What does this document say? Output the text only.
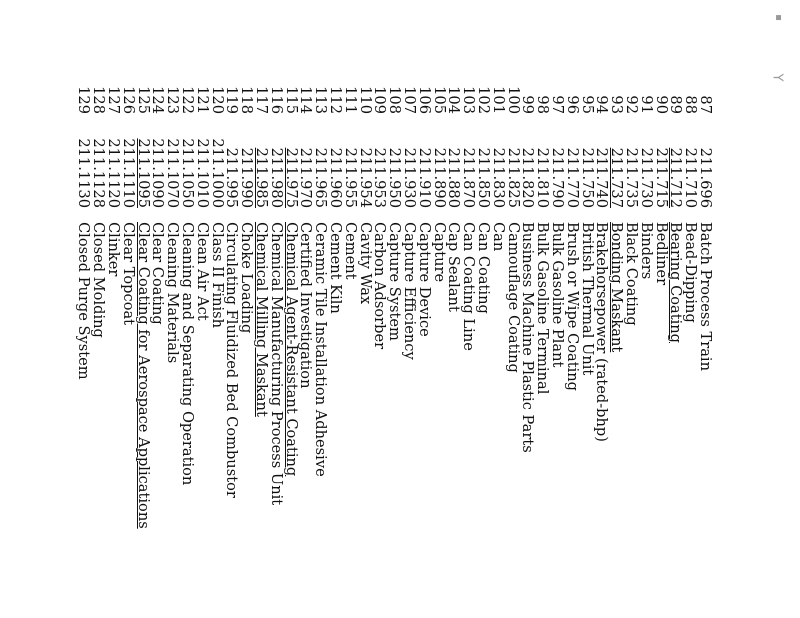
▪
Y
87
211.696
Batch Process Train
88
211.710
Bead-Dipping
89
211.712
Bearing Coating
90
211.715
Bedliner
91
211.730
Binders
92
211.735
Black Coating
93
211.737
Bonding Maskant
94
211.740
Brakehorsepower (rated-bhp)
95
211.750
British Thermal Unit
96
211.770
Brush or Wipe Coating
97
211.790
Bulk Gasoline Plant
98
211.810
Bulk Gasoline Terminal
99
211.820
Business Machine Plastic Parts
100
211.825
Camouflage Coating
101
211.830
Can
102
211.850
Can Coating
103
211.870
Can Coating Line
104
211.880
Cap Sealant
105
211.890
Capture
106
211.910
Capture Device
107
211.930
Capture Efficiency
108
211.950
Capture System
109
211.953
Carbon Adsorber
110
211.954
Cavity Wax
111
211.955
Cement
112
211.960
Cement Kiln
113
211.965
Ceramic Tile Installation Adhesive
114
211.970
Certified Investigation
115
211.975
Chemical Agent-Resistant Coating
116
211.980
Chemical Manufacturing Process Unit
117
211.985
Chemical Milling Maskant
118
211.990
Choke Loading
119
211.995
Circulating Fluidized Bed Combustor
120
211.1000
Class II Finish
121
211.1010
Clean Air Act
122
211.1050
Cleaning and Separating Operation
123
211.1070
Cleaning Materials
124
211.1090
Clear Coating
125
211.1095
Clear Coating for Aerospace Applications
126
211.1110
Clear Topcoat
127
211.1120
Clinker
128
211.1128
Closed Molding
129
211.1130
Closed Purge System
